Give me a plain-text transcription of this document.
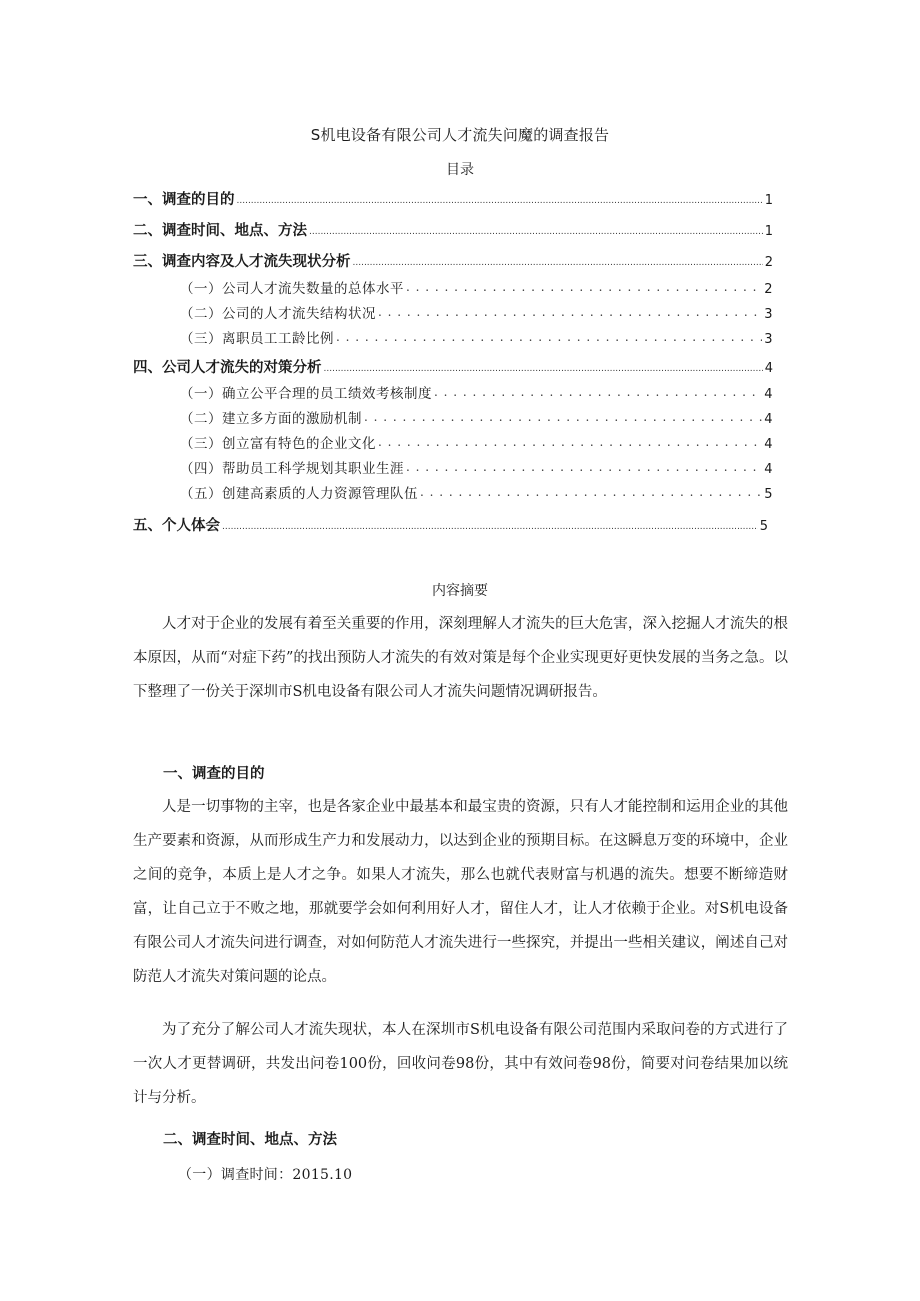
S机电设备有限公司人才流失问魔的调查报告
目录
一、调查的目的 .....	1
二、调查时间、地点、方法 .....	1
三、调查内容及人才流失现状分析 .....	2
（一）公司人才流失数量的总体水平 . . .	2
（二）公司的人才流失结构状况 . . .	3
（三）离职员工工龄比例 . . .	3
四、公司人才流失的对策分析 .....	4
（一）确立公平合理的员工绩效考核制度 . . .	4
（二）建立多方面的激励机制 . . .	4
（三）创立富有特色的企业文化 . . .	4
（四）帮助员工科学规划其职业生涯 . . .	4
（五）创建高素质的人力资源管理队伍 . . .	5
五、个人体会 .....	5
内容摘要

人才对于企业的发展有着至关重要的作用，深刻理解人才流失的巨大危害，深入挖掘人才流失的根本原因，从而“对症下药”的找出预防人才流失的有效对策是每个企业实现更好更快发展的当务之急。以下整理了一份关于深圳市S机电设备有限公司人才流失问题情况调研报告。

一、调查的目的

人是一切事物的主宰，也是各家企业中最基本和最宝贵的资源，只有人才能控制和运用企业的其他生产要素和资源，从而形成生产力和发展动力，以达到企业的预期目标。在这瞬息万变的环境中，企业之间的竞争，本质上是人才之争。如果人才流失，那么也就代表财富与机遇的流失。想要不断缔造财富，让自己立于不败之地，那就要学会如何利用好人才，留住人才，让人才依赖于企业。对S机电设备有限公司人才流失问进行调查，对如何防范人才流失进行一些探究，并提出一些相关建议，阐述自己对防范人才流失对策问题的论点。

为了充分了解公司人才流失现状，本人在深圳市S机电设备有限公司范围内采取问卷的方式进行了一次人才更替调研，共发出问卷100份，回收问卷98份，其中有效问卷98份，简要对问卷结果加以统计与分析。

二、调查时间、地点、方法
（一）调查时间：2015.10
